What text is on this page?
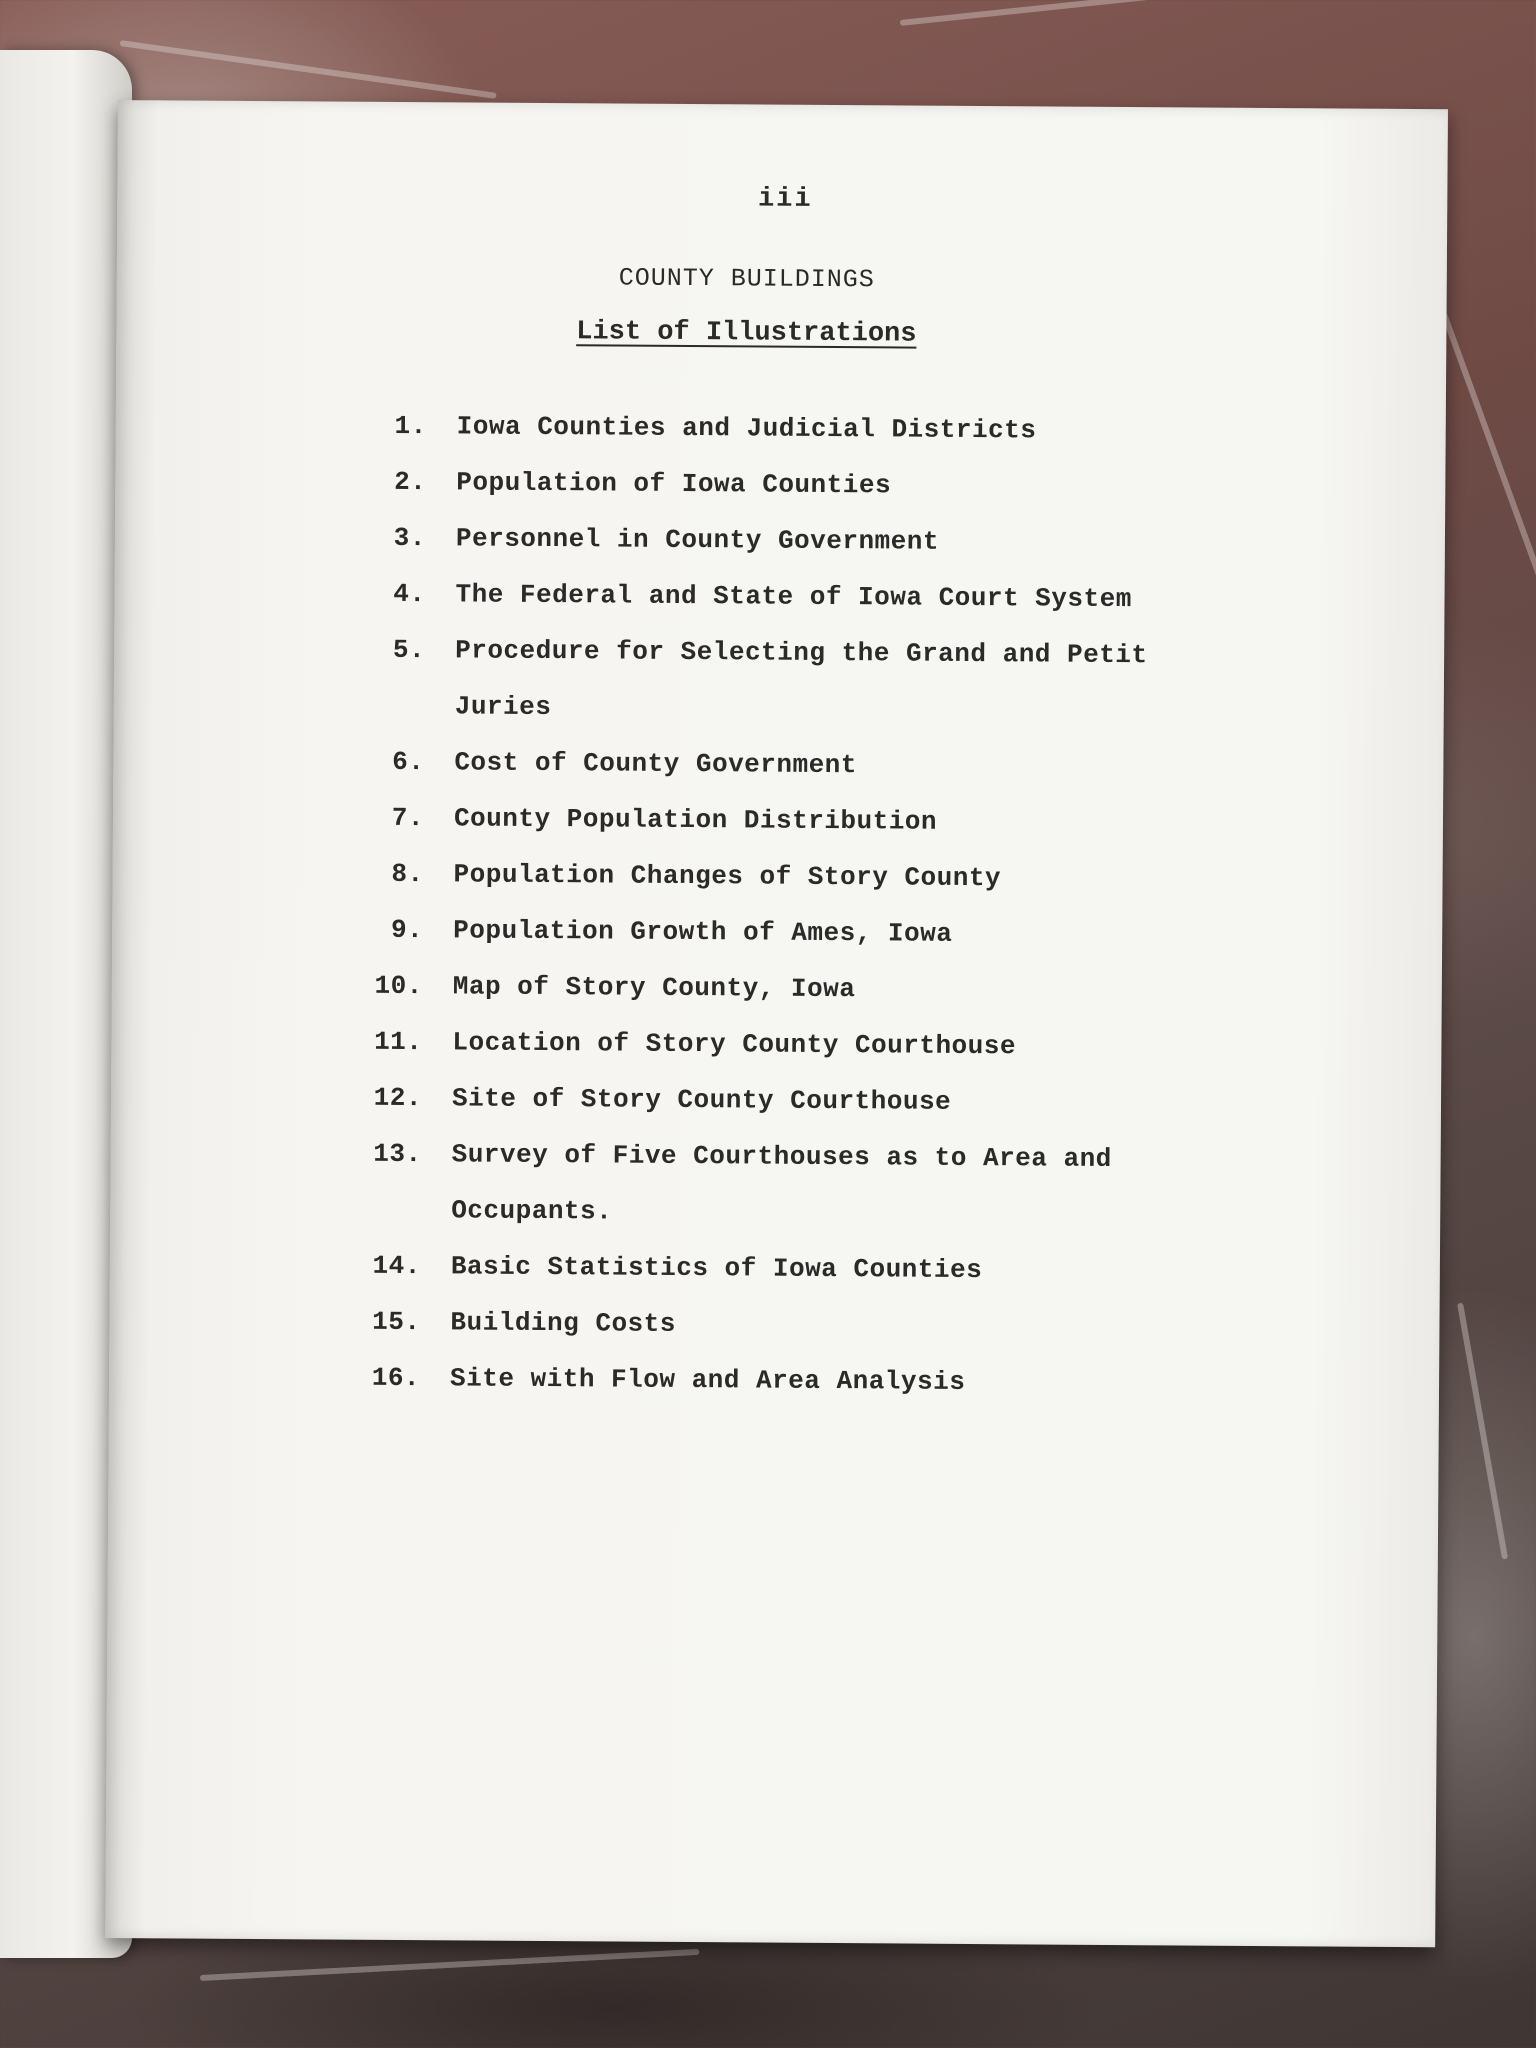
iii
COUNTY BUILDINGS
List of Illustrations
1.	Iowa Counties and Judicial Districts
2.	Population of Iowa Counties
3.	Personnel in County Government
4.	The Federal and State of Iowa Court System
5.	Procedure for Selecting the Grand and Petit
Juries
6.	Cost of County Government
7.	County Population Distribution
8.	Population Changes of Story County
9.	Population Growth of Ames, Iowa
10.	Map of Story County, Iowa
11.	Location of Story County Courthouse
12.	Site of Story County Courthouse
13.	Survey of Five Courthouses as to Area and
Occupants.
14.	Basic Statistics of Iowa Counties
15.	Building Costs
16.	Site with Flow and Area Analysis
